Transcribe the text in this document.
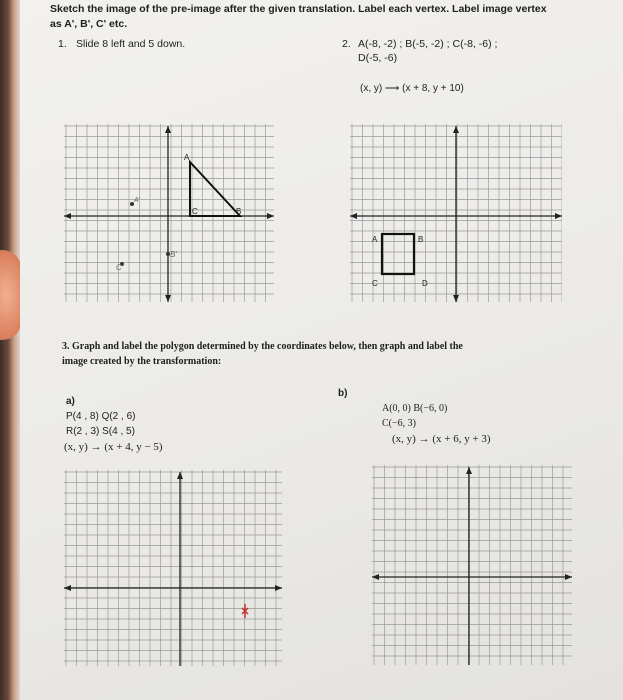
Sketch the image of the pre-image after the given translation. Label each vertex. Label image vertex
as A', B', C' etc.
1. Slide 8 left and 5 down.	2. A(-8, -2) ; B(-5, -2) ; C(-8, -6) ;
D(-5, -6)
(x, y) ⟶ (x + 8, y + 10)
A
C	B
A'
C'
B'
A	B
C	D
3. Graph and label the polygon determined by the coordinates below, then graph and label the
image created by the transformation:
a)
P(4 , 8) Q(2 , 6)
R(2 , 3) S(4 , 5)
(x, y) → (x + 4, y − 5)
b)
A(0, 0) B(−6, 0)
C(−6, 3)
(x, y) → (x + 6, y + 3)
